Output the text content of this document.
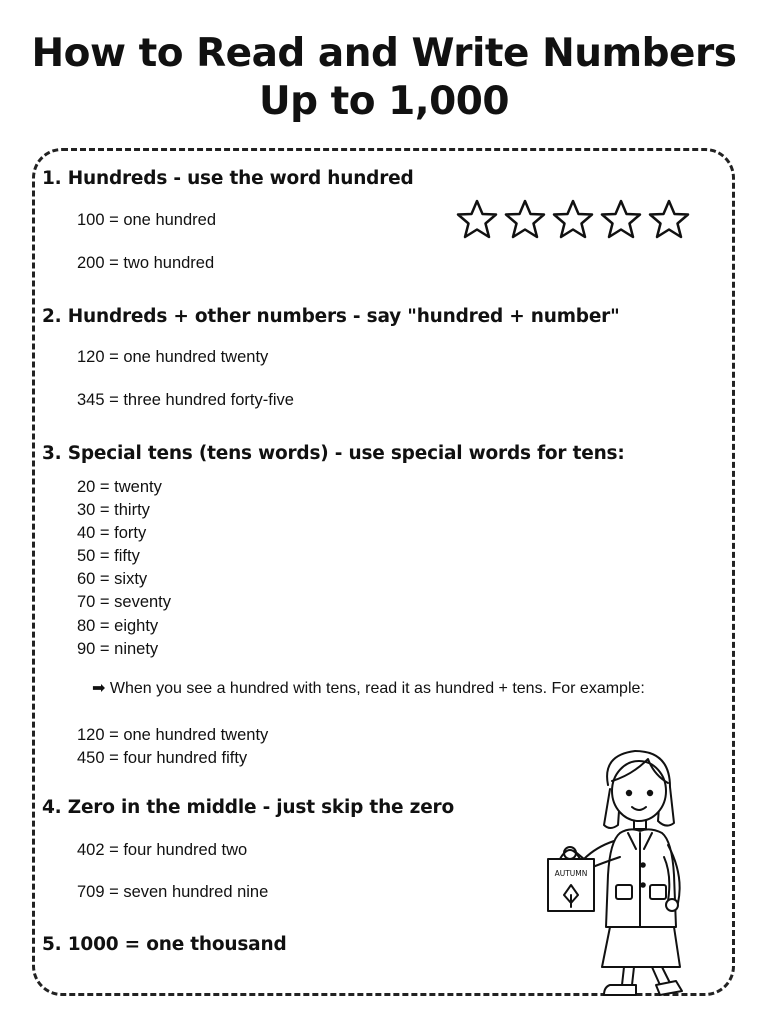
How to Read and Write Numbers
Up to 1,000
1. Hundreds - use the word hundred
100 = one hundred
200 = two hundred
2. Hundreds + other numbers - say "hundred + number"
120 = one hundred twenty
345 = three hundred forty-five
3. Special tens (tens words) - use special words for tens:
20 = twenty
30 = thirty
40 = forty
50 = fifty
60 = sixty
70 = seventy
80 = eighty
90 = ninety
➡ When you see a hundred with tens, read it as hundred + tens. For example:
120 = one hundred twenty
450 = four hundred fifty
4. Zero in the middle - just skip the zero
402 = four hundred two
709 = seven hundred nine
5. 1000 = one thousand
AUTUMN
